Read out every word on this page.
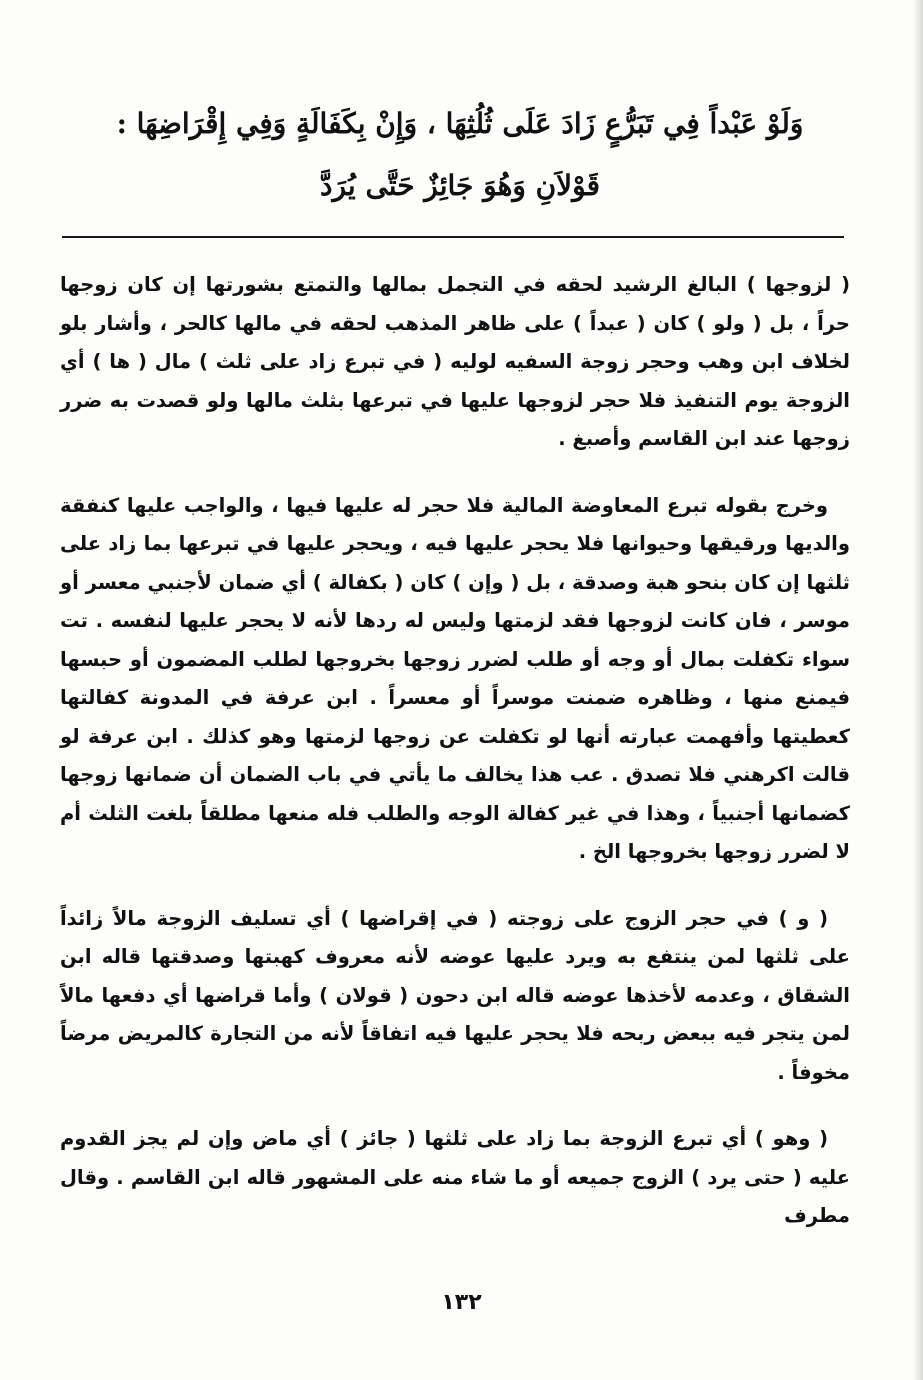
وَلَوْ عَبْداً فِي تَبَرُّعٍ زَادَ عَلَى ثُلُثِهَا ، وَإِنْ بِكَفَالَةٍ وَفِي إِقْرَاضِهَا :
قَوْلاَنِ وَهُوَ جَائِزٌ حَتَّى يُرَدَّ

( لزوجها ) البالغ الرشيد لحقه في التجمل بمالها والتمتع بشورتها إن كان زوجها حراً ، بل ( ولو ) كان ( عبداً ) على ظاهر المذهب لحقه في مالها كالحر ، وأشار بلو لخلاف ابن وهب وحجر زوجة السفيه لوليه ( في تبرع زاد على ثلث ) مال ( ها ) أي الزوجة يوم التنفيذ فلا حجر لزوجها عليها في تبرعها بثلث مالها ولو قصدت به ضرر زوجها عند ابن القاسم وأصبغ .

وخرج بقوله تبرع المعاوضة المالية فلا حجر له عليها فيها ، والواجب عليها كنفقة والديها ورقيقها وحيوانها فلا يحجر عليها فيه ، ويحجر عليها في تبرعها بما زاد على ثلثها إن كان بنحو هبة وصدقة ، بل ( وإن ) كان ( بكفالة ) أي ضمان لأجنبي معسر أو موسر ، فان كانت لزوجها فقد لزمتها وليس له ردها لأنه لا يحجر عليها لنفسه . تت سواء تكفلت بمال أو وجه أو طلب لضرر زوجها بخروجها لطلب المضمون أو حبسها فيمنع منها ، وظاهره ضمنت موسراً أو معسراً . ابن عرفة في المدونة كفالتها كعطيتها وأفهمت عبارته أنها لو تكفلت عن زوجها لزمتها وهو كذلك . ابن عرفة لو قالت اكرهني فلا تصدق . عب هذا يخالف ما يأتي في باب الضمان أن ضمانها زوجها كضمانها أجنبياً ، وهذا في غير كفالة الوجه والطلب فله منعها مطلقاً بلغت الثلث أم لا لضرر زوجها بخروجها الخ .

( و ) في حجر الزوج على زوجته ( في إقراضها ) أي تسليف الزوجة مالاً زائداً على ثلثها لمن ينتفع به ويرد عليها عوضه لأنه معروف كهبتها وصدقتها قاله ابن الشقاق ، وعدمه لأخذها عوضه قاله ابن دحون ( قولان ) وأما قراضها أي دفعها مالاً لمن يتجر فيه ببعض ربحه فلا يحجر عليها فيه اتفاقاً لأنه من التجارة كالمريض مرضاً مخوفاً .

( وهو ) أي تبرع الزوجة بما زاد على ثلثها ( جائز ) أي ماض وإن لم يجز القدوم عليه ( حتى يرد ) الزوج جميعه أو ما شاء منه على المشهور قاله ابن القاسم . وقال مطرف

١٣٢
